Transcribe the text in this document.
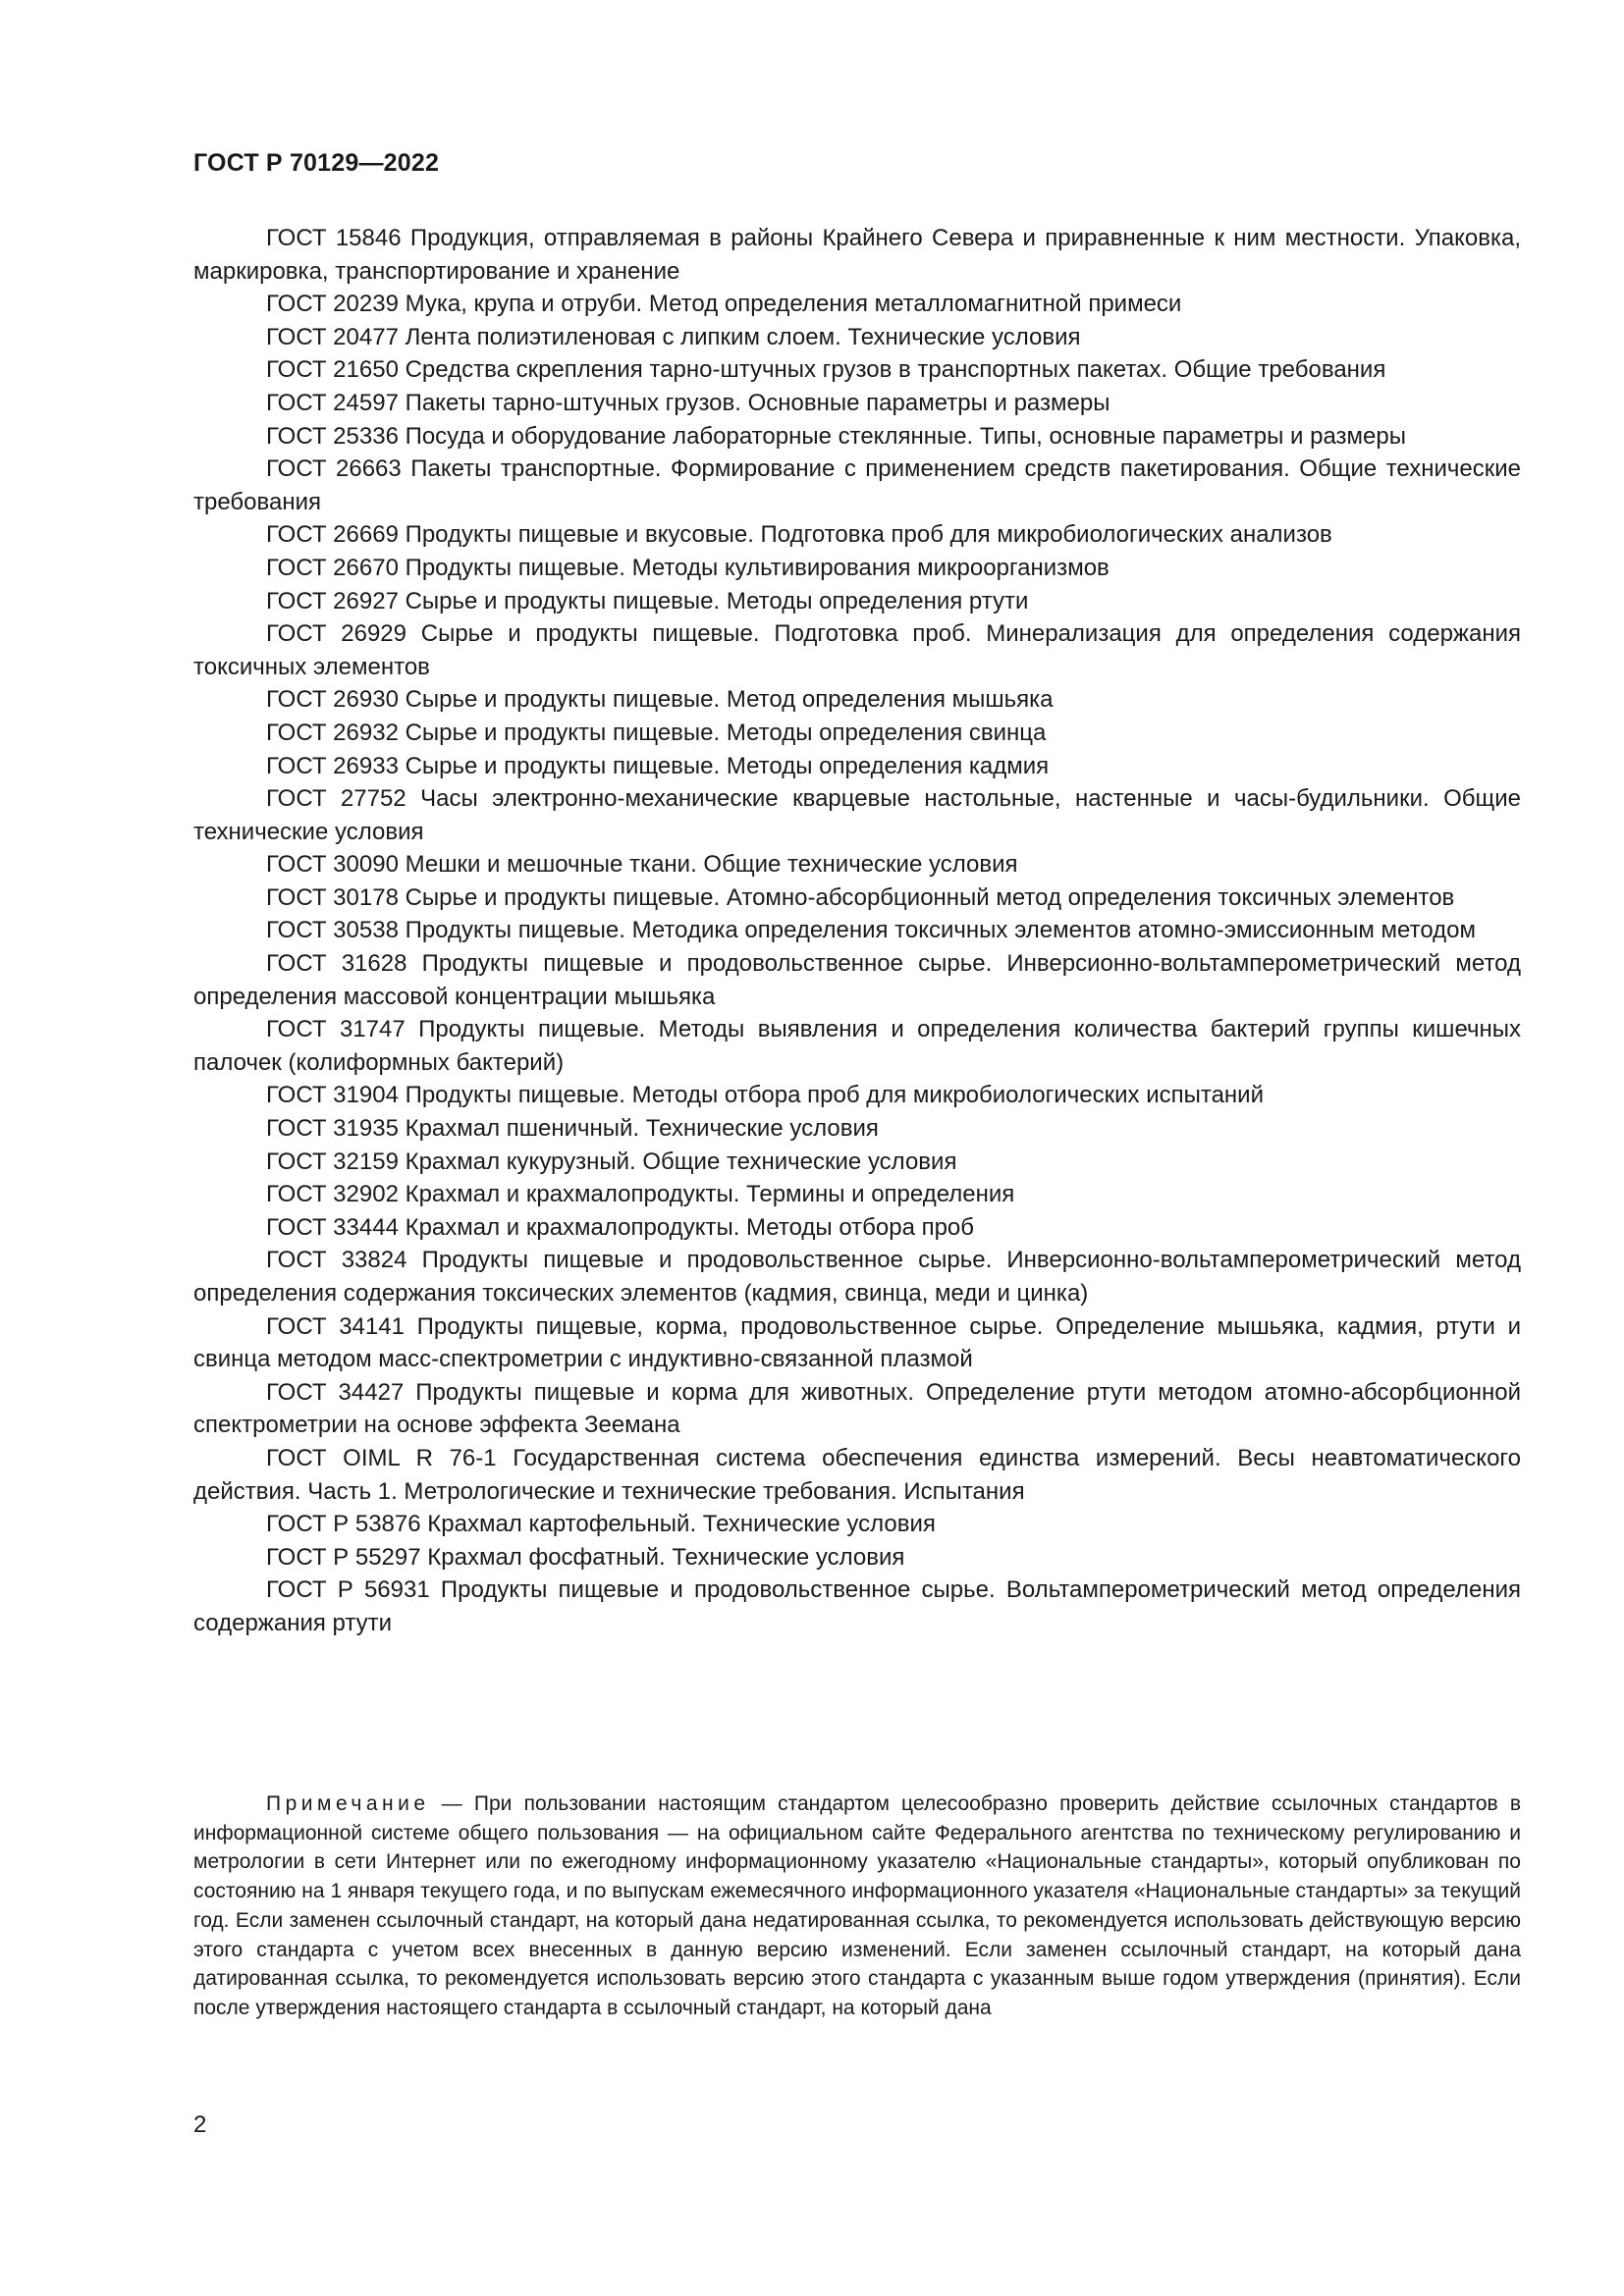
ГОСТ Р 70129—2022

ГОСТ 15846 Продукция, отправляемая в районы Крайнего Севера и приравненные к ним местности. Упаковка, маркировка, транспортирование и хранение

ГОСТ 20239 Мука, крупа и отруби. Метод определения металломагнитной примеси

ГОСТ 20477 Лента полиэтиленовая с липким слоем. Технические условия

ГОСТ 21650 Средства скрепления тарно-штучных грузов в транспортных пакетах. Общие требования

ГОСТ 24597 Пакеты тарно-штучных грузов. Основные параметры и размеры

ГОСТ 25336 Посуда и оборудование лабораторные стеклянные. Типы, основные параметры и размеры

ГОСТ 26663 Пакеты транспортные. Формирование с применением средств пакетирования. Общие технические требования

ГОСТ 26669 Продукты пищевые и вкусовые. Подготовка проб для микробиологических анализов

ГОСТ 26670 Продукты пищевые. Методы культивирования микроорганизмов

ГОСТ 26927 Сырье и продукты пищевые. Методы определения ртути

ГОСТ 26929 Сырье и продукты пищевые. Подготовка проб. Минерализация для определения содержания токсичных элементов

ГОСТ 26930 Сырье и продукты пищевые. Метод определения мышьяка

ГОСТ 26932 Сырье и продукты пищевые. Методы определения свинца

ГОСТ 26933 Сырье и продукты пищевые. Методы определения кадмия

ГОСТ 27752 Часы электронно-механические кварцевые настольные, настенные и часы-будильники. Общие технические условия

ГОСТ 30090 Мешки и мешочные ткани. Общие технические условия

ГОСТ 30178 Сырье и продукты пищевые. Атомно-абсорбционный метод определения токсичных элементов

ГОСТ 30538 Продукты пищевые. Методика определения токсичных элементов атомно-эмиссионным методом

ГОСТ 31628 Продукты пищевые и продовольственное сырье. Инверсионно-вольтамперометрический метод определения массовой концентрации мышьяка

ГОСТ 31747 Продукты пищевые. Методы выявления и определения количества бактерий группы кишечных палочек (колиформных бактерий)

ГОСТ 31904 Продукты пищевые. Методы отбора проб для микробиологических испытаний

ГОСТ 31935 Крахмал пшеничный. Технические условия

ГОСТ 32159 Крахмал кукурузный. Общие технические условия

ГОСТ 32902 Крахмал и крахмалопродукты. Термины и определения

ГОСТ 33444 Крахмал и крахмалопродукты. Методы отбора проб

ГОСТ 33824 Продукты пищевые и продовольственное сырье. Инверсионно-вольтамперометрический метод определения содержания токсических элементов (кадмия, свинца, меди и цинка)

ГОСТ 34141 Продукты пищевые, корма, продовольственное сырье. Определение мышьяка, кадмия, ртути и свинца методом масс-спектрометрии с индуктивно-связанной плазмой

ГОСТ 34427 Продукты пищевые и корма для животных. Определение ртути методом атомно-абсорбционной спектрометрии на основе эффекта Зеемана

ГОСТ OIML R 76-1 Государственная система обеспечения единства измерений. Весы неавтоматического действия. Часть 1. Метрологические и технические требования. Испытания

ГОСТ Р 53876 Крахмал картофельный. Технические условия

ГОСТ Р 55297 Крахмал фосфатный. Технические условия

ГОСТ Р 56931 Продукты пищевые и продовольственное сырье. Вольтамперометрический метод определения содержания ртути

Примечание — При пользовании настоящим стандартом целесообразно проверить действие ссылочных стандартов в информационной системе общего пользования — на официальном сайте Федерального агентства по техническому регулированию и метрологии в сети Интернет или по ежегодному информационному указателю «Национальные стандарты», который опубликован по состоянию на 1 января текущего года, и по выпускам ежемесячного информационного указателя «Национальные стандарты» за текущий год. Если заменен ссылочный стандарт, на который дана недатированная ссылка, то рекомендуется использовать действующую версию этого стандарта с учетом всех внесенных в данную версию изменений. Если заменен ссылочный стандарт, на который дана датированная ссылка, то рекомендуется использовать версию этого стандарта с указанным выше годом утверждения (принятия). Если после утверждения настоящего стандарта в ссылочный стандарт, на который дана
2
